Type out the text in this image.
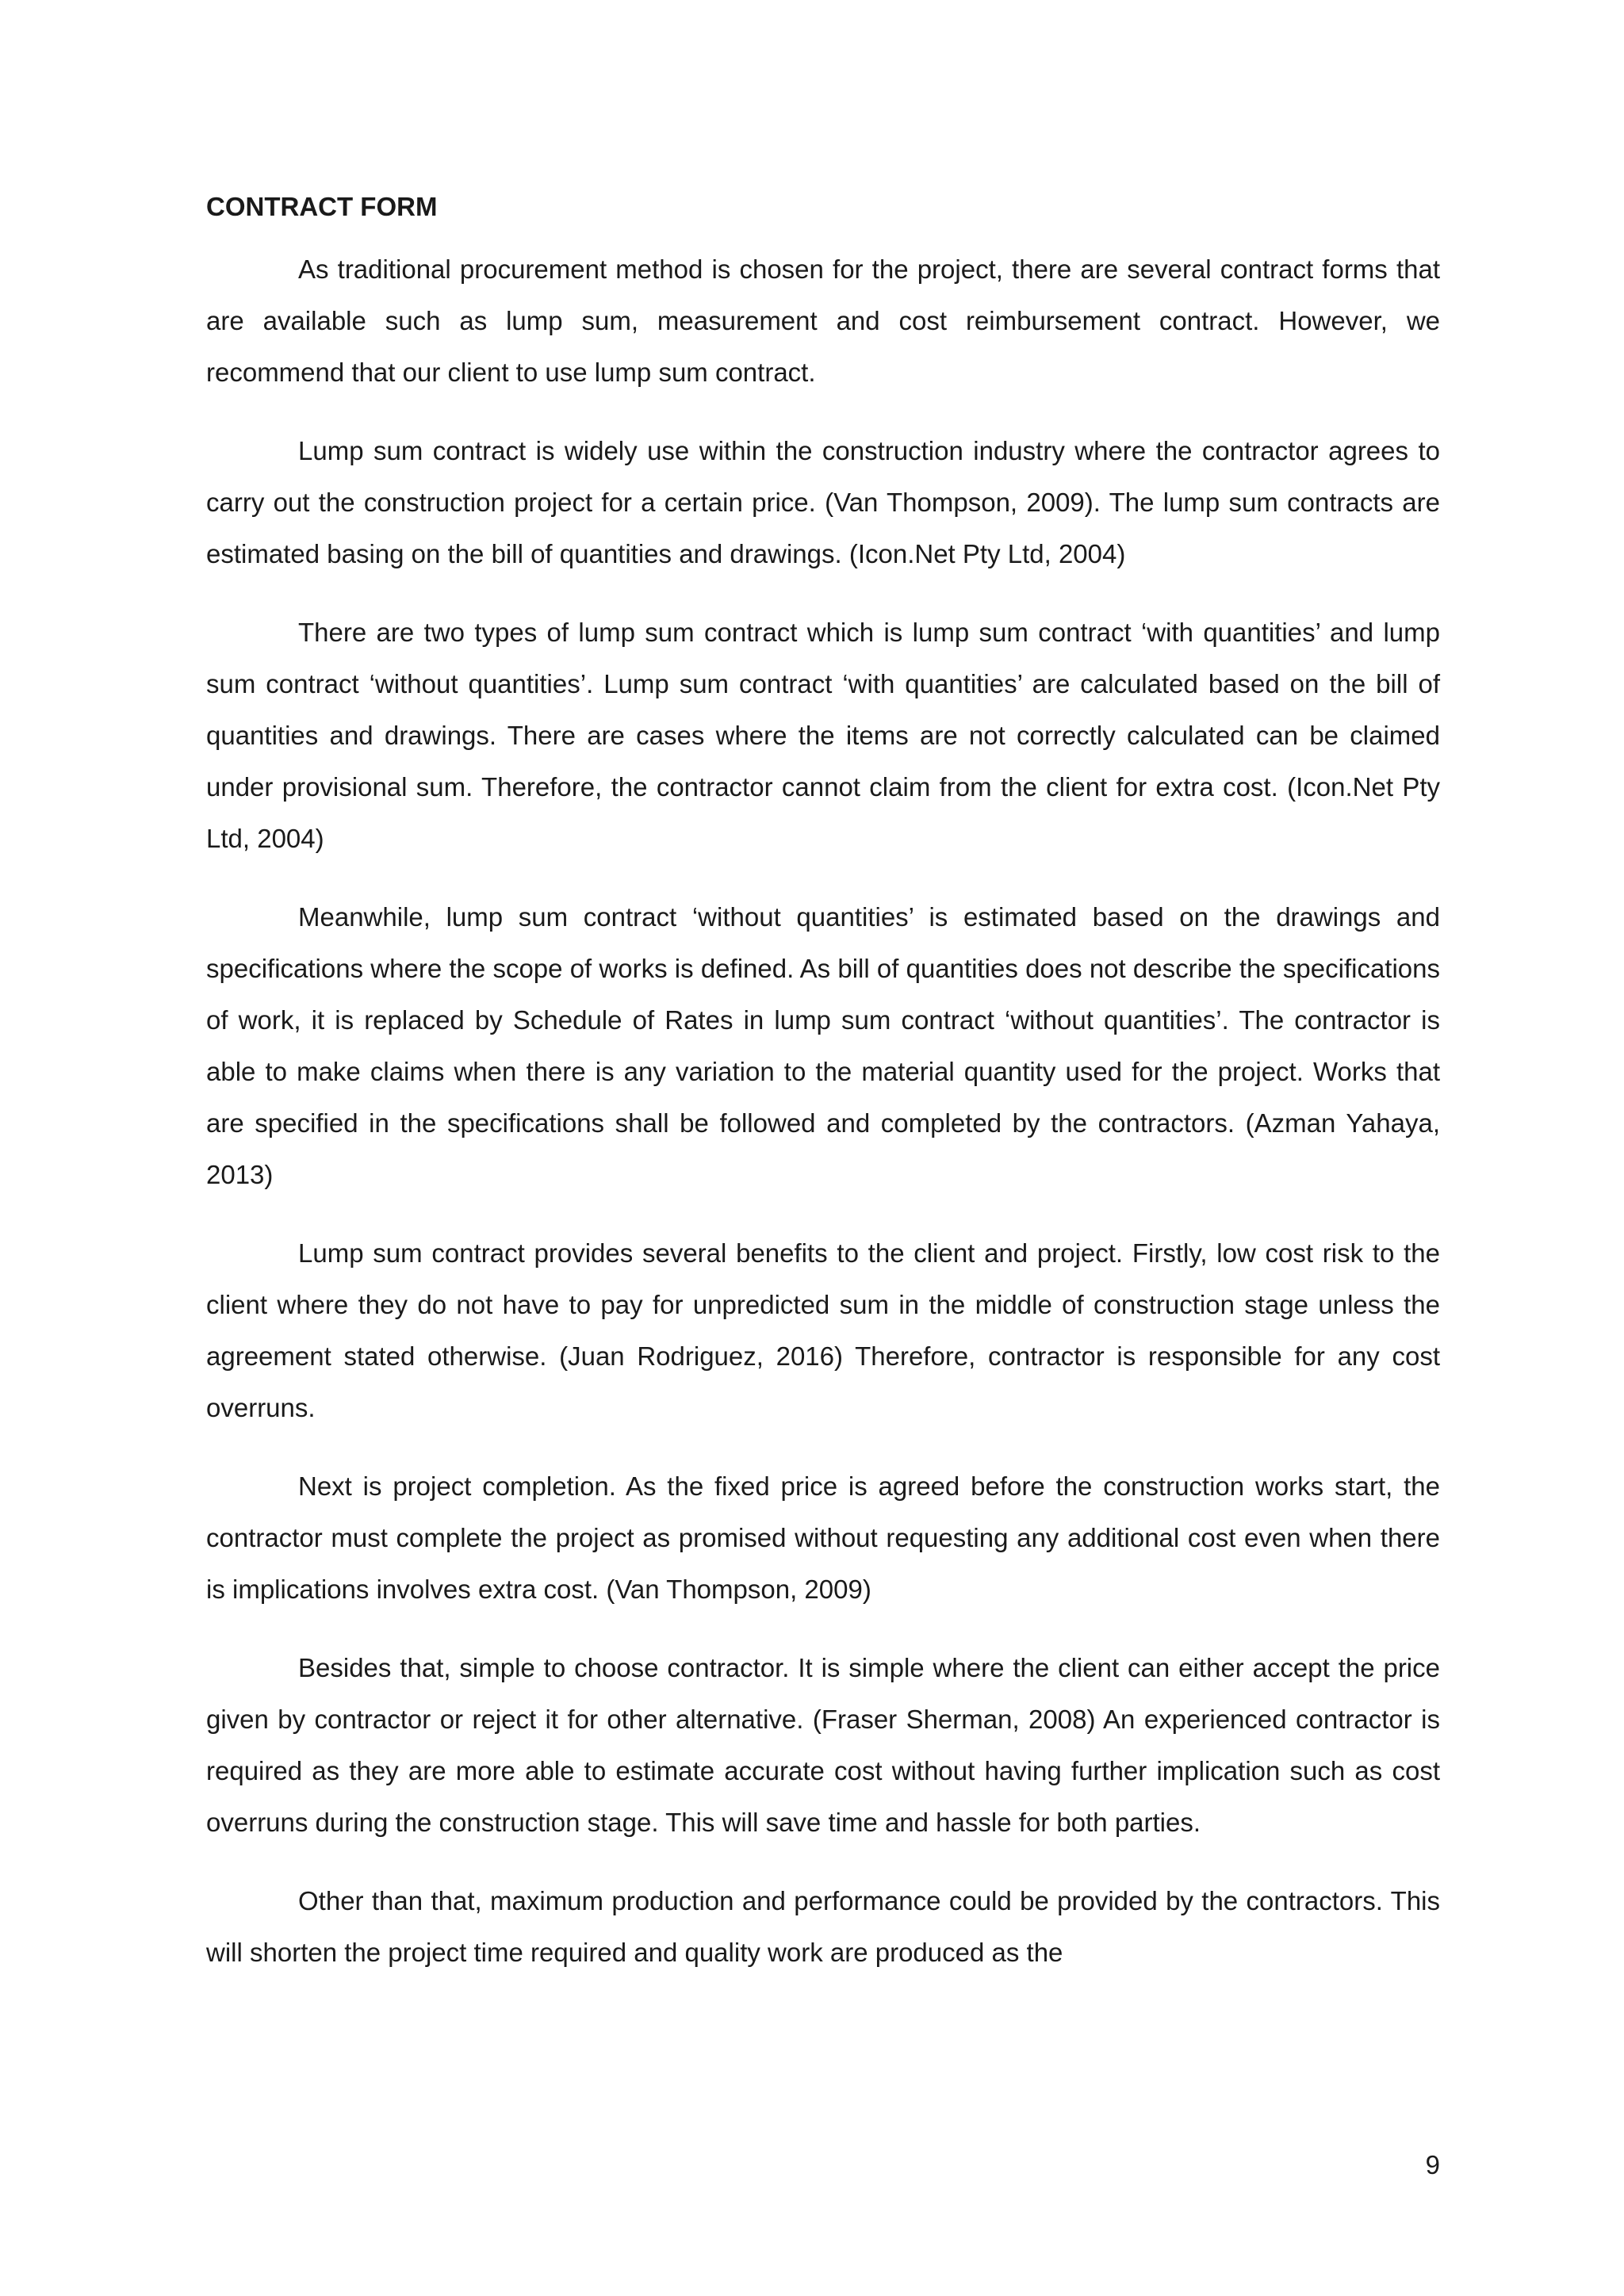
CONTRACT FORM

As traditional procurement method is chosen for the project, there are several contract forms that are available such as lump sum, measurement and cost reimbursement contract. However, we recommend that our client to use lump sum contract.

Lump sum contract is widely use within the construction industry where the contractor agrees to carry out the construction project for a certain price. (Van Thompson, 2009). The lump sum contracts are estimated basing on the bill of quantities and drawings. (Icon.Net Pty Ltd, 2004)

There are two types of lump sum contract which is lump sum contract ‘with quantities’ and lump sum contract ‘without quantities’. Lump sum contract ‘with quantities’ are calculated based on the bill of quantities and drawings. There are cases where the items are not correctly calculated can be claimed under provisional sum. Therefore, the contractor cannot claim from the client for extra cost. (Icon.Net Pty Ltd, 2004)

Meanwhile, lump sum contract ‘without quantities’ is estimated based on the drawings and specifications where the scope of works is defined. As bill of quantities does not describe the specifications of work, it is replaced by Schedule of Rates in lump sum contract ‘without quantities’. The contractor is able to make claims when there is any variation to the material quantity used for the project. Works that are specified in the specifications shall be followed and completed by the contractors. (Azman Yahaya, 2013)

Lump sum contract provides several benefits to the client and project. Firstly, low cost risk to the client where they do not have to pay for unpredicted sum in the middle of construction stage unless the agreement stated otherwise. (Juan Rodriguez, 2016) Therefore, contractor is responsible for any cost overruns.

Next is project completion. As the fixed price is agreed before the construction works start, the contractor must complete the project as promised without requesting any additional cost even when there is implications involves extra cost. (Van Thompson, 2009)

Besides that, simple to choose contractor. It is simple where the client can either accept the price given by contractor or reject it for other alternative. (Fraser Sherman, 2008) An experienced contractor is required as they are more able to estimate accurate cost without having further implication such as cost overruns during the construction stage. This will save time and hassle for both parties.

Other than that, maximum production and performance could be provided by the contractors. This will shorten the project time required and quality work are produced as the

9
